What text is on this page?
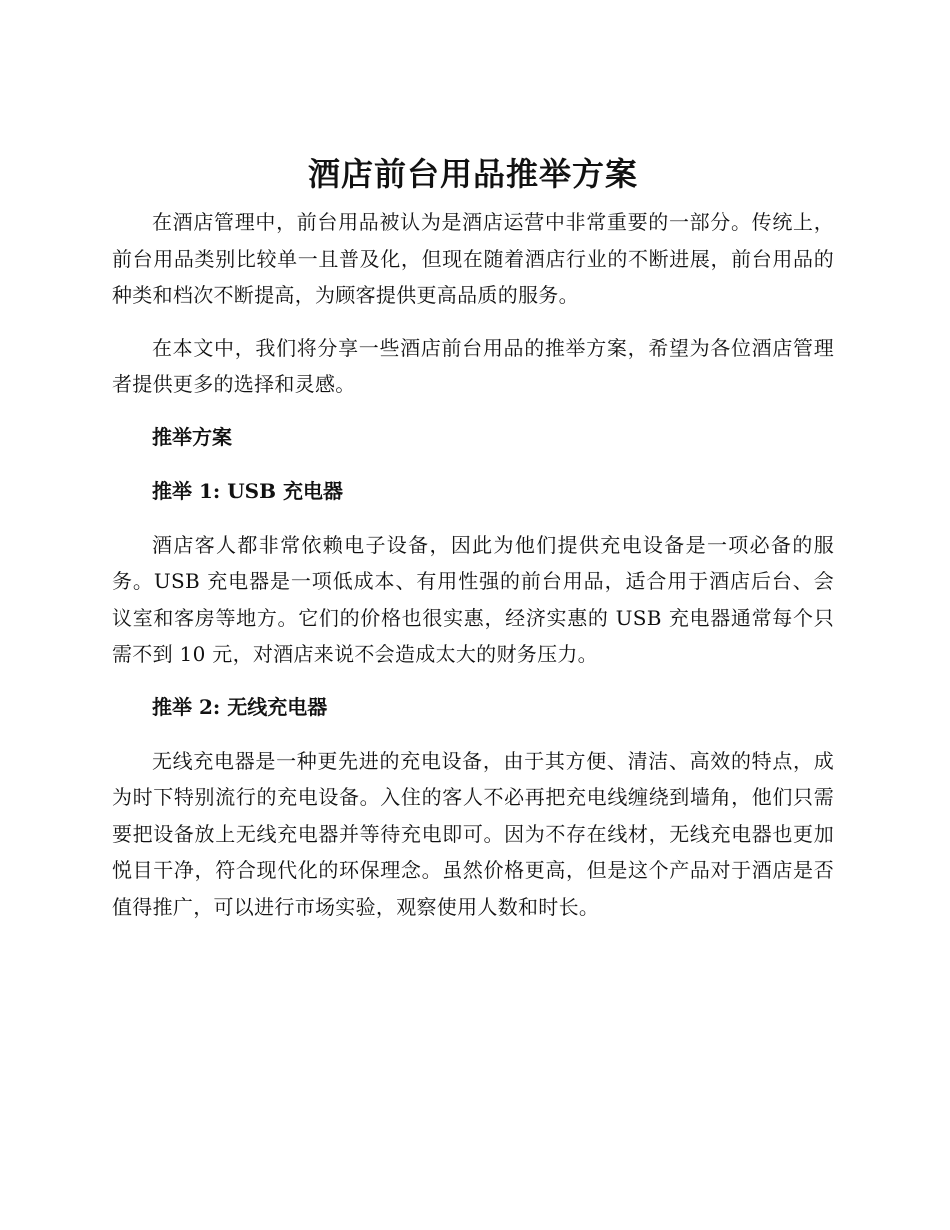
酒店前台用品推举方案

在酒店管理中，前台用品被认为是酒店运营中非常重要的一部分。传统上，前台用品类别比较单一且普及化，但现在随着酒店行业的不断进展，前台用品的种类和档次不断提高，为顾客提供更高品质的服务。

在本文中，我们将分享一些酒店前台用品的推举方案，希望为各位酒店管理者提供更多的选择和灵感。

推举方案
推举 1: USB 充电器

酒店客人都非常依赖电子设备，因此为他们提供充电设备是一项必备的服务。USB 充电器是一项低成本、有用性强的前台用品，适合用于酒店后台、会议室和客房等地方。它们的价格也很实惠，经济实惠的 USB 充电器通常每个只需不到 10 元，对酒店来说不会造成太大的财务压力。

推举 2: 无线充电器

无线充电器是一种更先进的充电设备，由于其方便、清洁、高效的特点，成为时下特别流行的充电设备。入住的客人不必再把充电线缠绕到墙角，他们只需要把设备放上无线充电器并等待充电即可。因为不存在线材，无线充电器也更加悦目干净，符合现代化的环保理念。虽然价格更高，但是这个产品对于酒店是否值得推广，可以进行市场实验，观察使用人数和时长。
